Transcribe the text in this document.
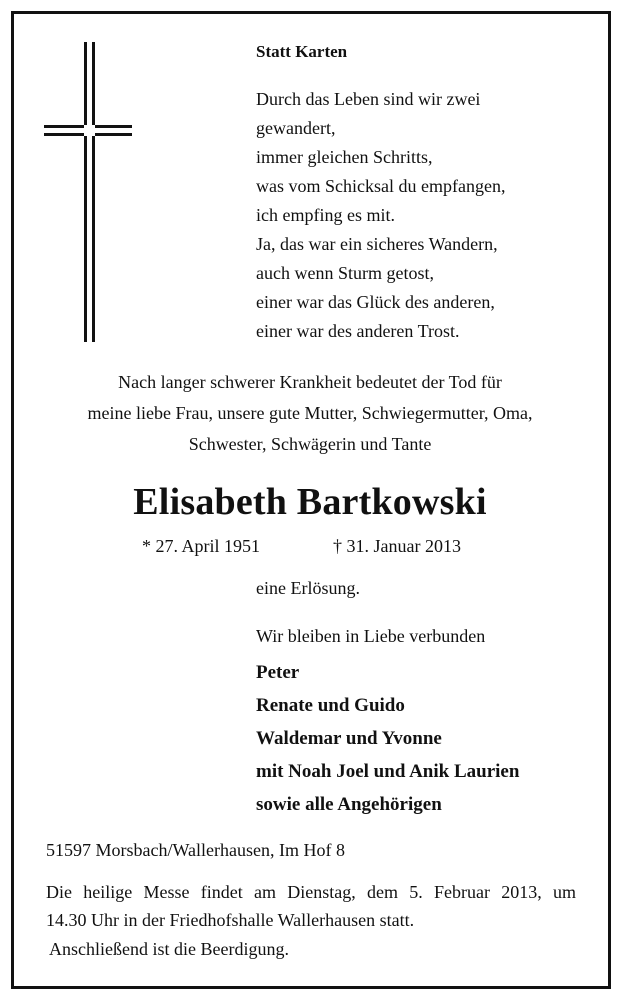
Statt Karten
Durch das Leben sind wir zwei
gewandert,
immer gleichen Schritts,
was vom Schicksal du empfangen,
ich empfing es mit.
Ja, das war ein sicheres Wandern,
auch wenn Sturm getost,
einer war das Glück des anderen,
einer war des anderen Trost.
Nach langer schwerer Krankheit bedeutet der Tod für
meine liebe Frau, unsere gute Mutter, Schwiegermutter, Oma,
Schwester, Schwägerin und Tante
Elisabeth Bartkowski
* 27. April 1951	† 31. Januar 2013
eine Erlösung.
Wir bleiben in Liebe verbunden
Peter
Renate und Guido
Waldemar und Yvonne
mit Noah Joel und Anik Laurien
sowie alle Angehörigen
51597 Morsbach/Wallerhausen, Im Hof 8
Die heilige Messe findet am Dienstag, dem 5. Februar 2013, um
14.30 Uhr in der Friedhofshalle Wallerhausen statt.
Anschließend ist die Beerdigung.
